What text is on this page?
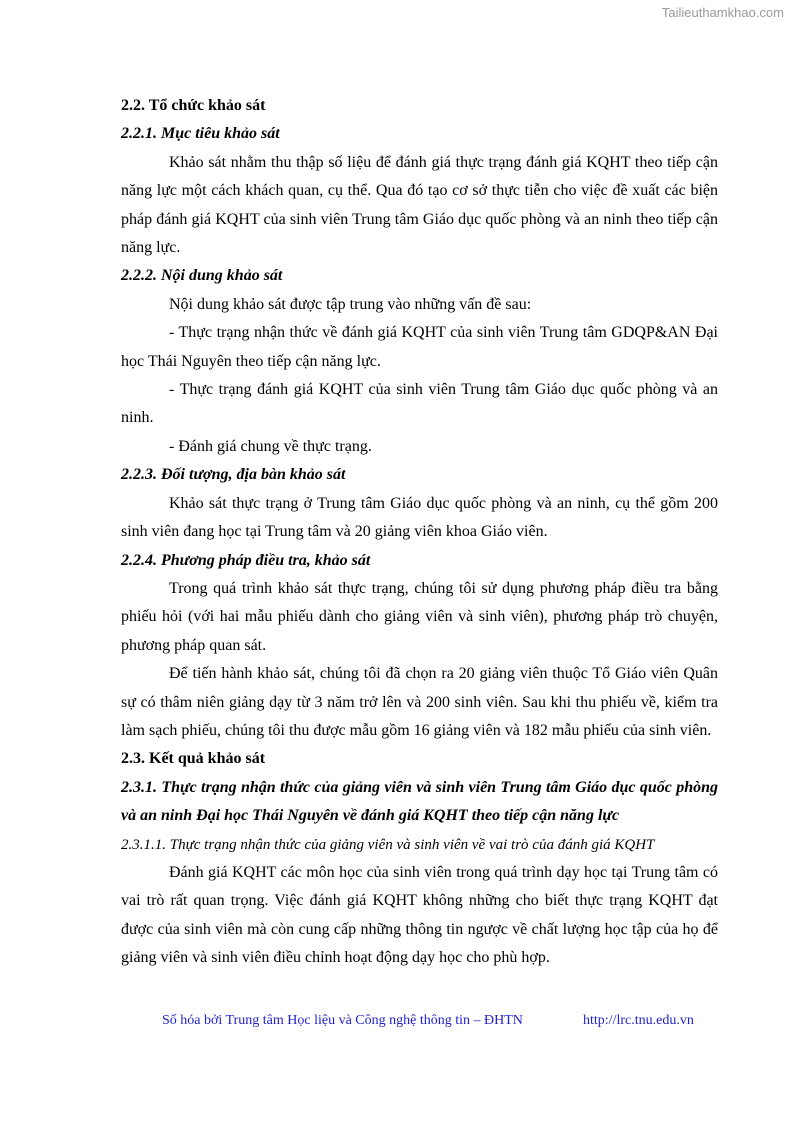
Tailieuthamkhao.com
2.2. Tổ chức khảo sát
2.2.1. Mục tiêu khảo sát

Khảo sát nhằm thu thập số liệu để đánh giá thực trạng đánh giá KQHT theo tiếp cận năng lực một cách khách quan, cụ thể. Qua đó tạo cơ sở thực tiễn cho việc đề xuất các biện pháp đánh giá KQHT của sinh viên Trung tâm Giáo dục quốc phòng và an ninh theo tiếp cận năng lực.

2.2.2. Nội dung khảo sát

Nội dung khảo sát được tập trung vào những vấn đề sau:

- Thực trạng nhận thức về đánh giá KQHT của sinh viên Trung tâm GDQP&AN Đại học Thái Nguyên theo tiếp cận năng lực.

- Thực trạng đánh giá KQHT của sinh viên Trung tâm Giáo dục quốc phòng và an ninh.

- Đánh giá chung về thực trạng.

2.2.3. Đối tượng, địa bàn khảo sát

Khảo sát thực trạng ở Trung tâm Giáo dục quốc phòng và an ninh, cụ thể gồm 200 sinh viên đang học tại Trung tâm và 20 giảng viên khoa Giáo viên.

2.2.4. Phương pháp điều tra, khảo sát

Trong quá trình khảo sát thực trạng, chúng tôi sử dụng phương pháp điều tra bằng phiếu hỏi (với hai mẫu phiếu dành cho giảng viên và sinh viên), phương pháp trò chuyện, phương pháp quan sát.

Để tiến hành khảo sát, chúng tôi đã chọn ra 20 giảng viên thuộc Tổ Giáo viên Quân sự có thâm niên giảng dạy từ 3 năm trở lên và 200 sinh viên. Sau khi thu phiếu về, kiểm tra làm sạch phiếu, chúng tôi thu được mẫu gồm 16 giảng viên và 182 mẫu phiếu của sinh viên.

2.3. Kết quả khảo sát
2.3.1. Thực trạng nhận thức của giảng viên và sinh viên Trung tâm Giáo dục quốc phòng và an ninh Đại học Thái Nguyên về đánh giá KQHT theo tiếp cận năng lực
2.3.1.1. Thực trạng nhận thức của giảng viên và sinh viên về vai trò của đánh giá KQHT

Đánh giá KQHT các môn học của sinh viên trong quá trình dạy học tại Trung tâm có vai trò rất quan trọng. Việc đánh giá KQHT không những cho biết thực trạng KQHT đạt được của sinh viên mà còn cung cấp những thông tin ngược về chất lượng học tập của họ để giảng viên và sinh viên điều chỉnh hoạt động dạy học cho phù hợp.

Số hóa bởi Trung tâm Học liệu và Công nghệ thông tin – ĐHTN	http://lrc.tnu.edu.vn
